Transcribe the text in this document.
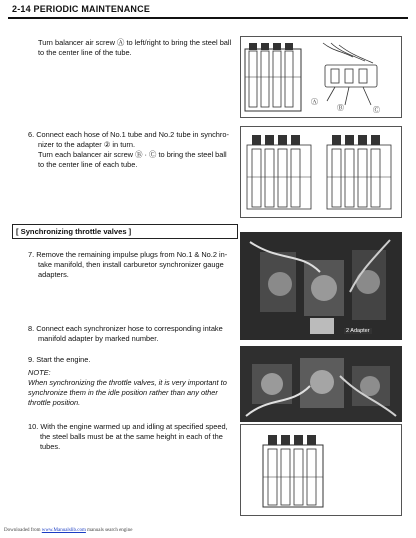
2-14 PERIODIC MAINTENANCE
Turn balancer air screw Ⓐ to left/right to bring the steel ball
to the center line of the tube.
Ⓐ
Ⓑ	Ⓒ
6. Connect each hose of No.1 tube and No.2 tube in synchro-
nizer to the adapter ② in turn.
Turn each balancer air screw Ⓑ · Ⓒ to bring the steel ball
to the center line of each tube.
[ Synchronizing throttle valves ]
7. Remove the remaining impulse plugs from No.1 & No.2 in-
take manifold, then install carburetor synchronizer gauge
adapters.
2 Adapter
8. Connect each synchronizer hose to corresponding intake
manifold adapter by marked number.
9. Start the engine.
NOTE:
When synchronizing the throttle valves, it is very important to
synchronize them in the idle position rather than any other
throttle position.
10. With the engine warmed up and idling at specified speed,
the steel balls must be at the same height in each of the
tubes.
Downloaded from www.Manualslib.com manuals search engine
